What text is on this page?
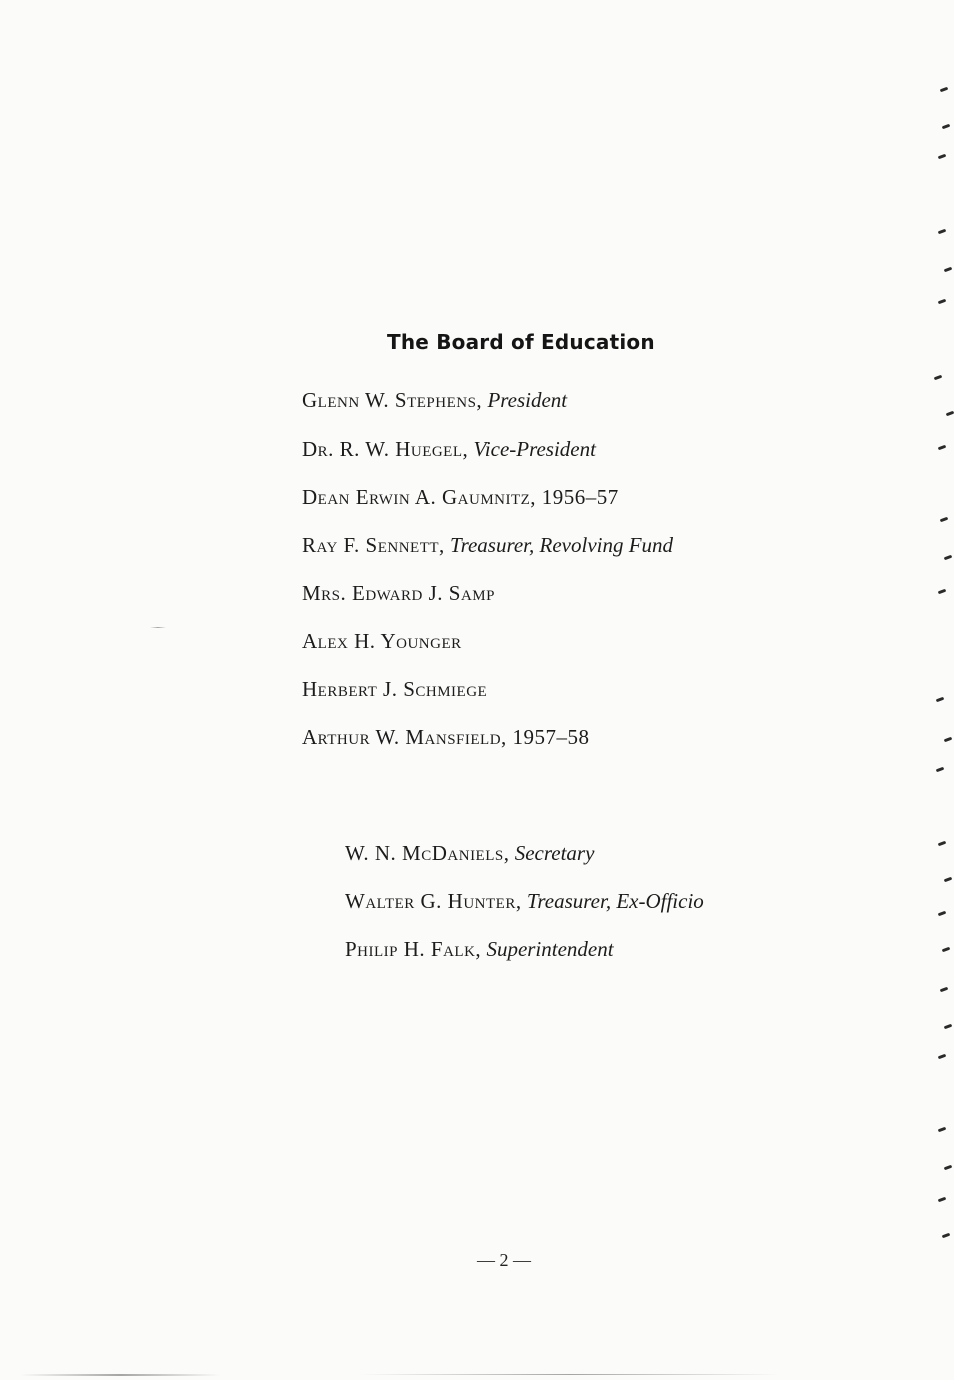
The Board of Education
Glenn W. Stephens, President
Dr. R. W. Huegel, Vice-President
Dean Erwin A. Gaumnitz, 1956–57
Ray F. Sennett, Treasurer, Revolving Fund
Mrs. Edward J. Samp
Alex H. Younger
Herbert J. Schmiege
Arthur W. Mansfield, 1957–58
W. N. McDaniels, Secretary
Walter G. Hunter, Treasurer, Ex-Officio
Philip H. Falk, Superintendent
— 2 —
